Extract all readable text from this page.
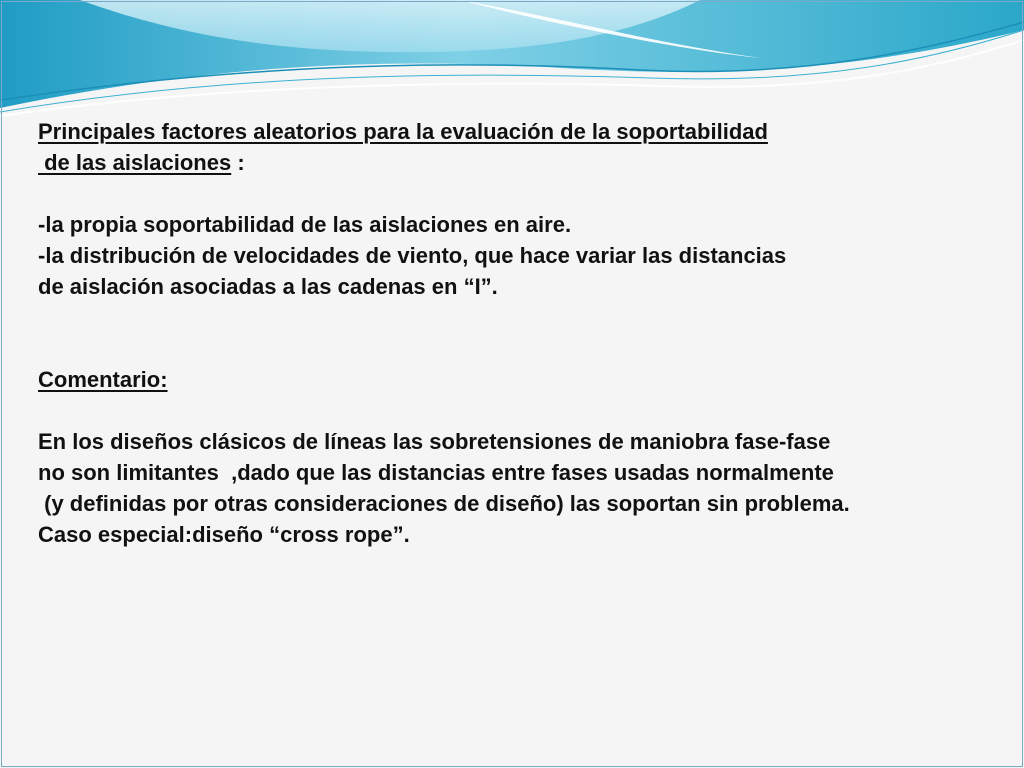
Principales factores aleatorios para la evaluación de la soportabilidad

de las aislaciones :

-la propia soportabilidad de las aislaciones en aire.

-la distribución de velocidades de viento, que hace variar las distancias

de aislación asociadas a las cadenas en “I”.

Comentario:

En los diseños clásicos de líneas las sobretensiones de maniobra fase-fase

no son limitantes  ,dado que las distancias entre fases usadas normalmente

(y definidas por otras consideraciones de diseño) las soportan sin problema.

Caso especial:diseño “cross rope”.
